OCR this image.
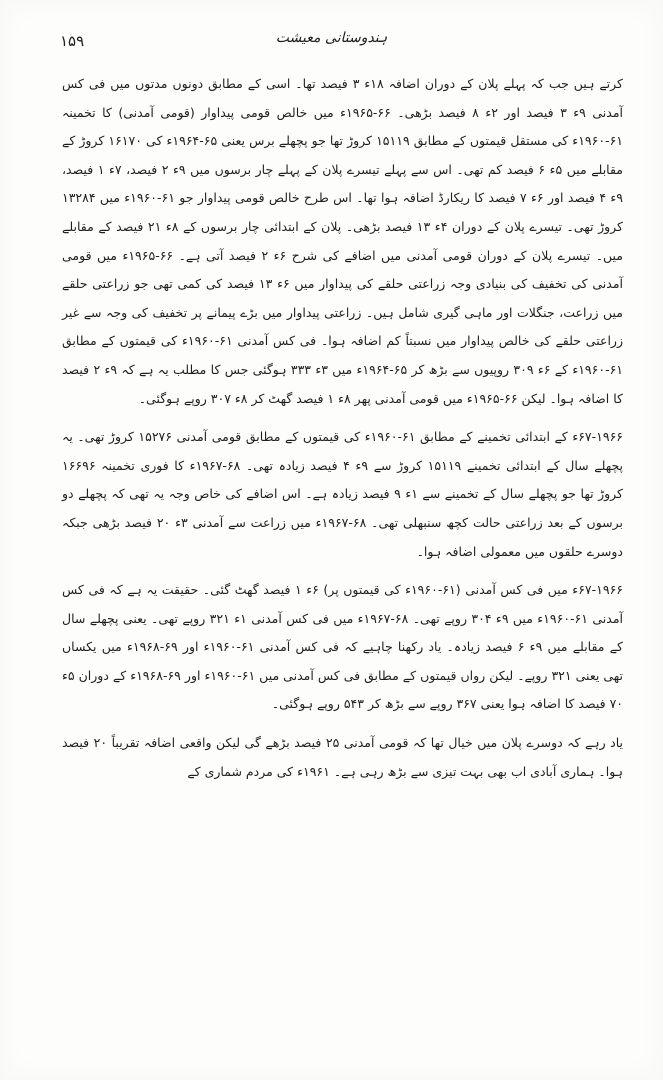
۱۵۹	ہندوستانی معیشت

کرتے ہیں جب کہ پہلے پلان کے دوران اضافہ ۱۸ء ۳ فیصد تھا۔ اسی کے مطابق دونوں مدتوں میں فی کس آمدنی ۹ء ۳ فیصد اور ۲ء ۸ فیصد بڑھی۔ ۶۶-۱۹۶۵ء میں خالص قومی پیداوار (قومی آمدنی) کا تخمینہ ۶۱-۱۹۶۰ء کی مستقل قیمتوں کے مطابق ۱۵۱۱۹ کروڑ تھا جو پچھلے برس یعنی ۶۵-۱۹۶۴ء کی ۱۶۱۷۰ کروڑ کے مقابلے میں ۵ء ۶ فیصد کم تھی۔ اس سے پہلے تیسرے پلان کے پہلے چار برسوں میں ۹ء ۲ فیصد، ۷ء ۱ فیصد، ۹ء ۴ فیصد اور ۶ء ۷ فیصد کا ریکارڈ اضافہ ہوا تھا۔ اس طرح خالص قومی پیداوار جو ۶۱-۱۹۶۰ء میں ۱۳۲۸۴ کروڑ تھی۔ تیسرے پلان کے دوران ۴ء ۱۳ فیصد بڑھی۔ پلان کے ابتدائی چار برسوں کے ۸ء ۲۱ فیصد کے مقابلے میں۔ تیسرے پلان کے دوران قومی آمدنی میں اضافے کی شرح ۶ء ۲ فیصد آتی ہے۔ ۶۶-۱۹۶۵ء میں قومی آمدنی کی تخفیف کی بنیادی وجہ زراعتی حلقے کی پیداوار میں ۶ء ۱۳ فیصد کی کمی تھی جو زراعتی حلقے میں زراعت، جنگلات اور ماہی گیری شامل ہیں۔ زراعتی پیداوار میں بڑے پیمانے پر تخفیف کی وجہ سے غیر زراعتی حلقے کی خالص پیداوار میں نسبتاً کم اضافہ ہوا۔ فی کس آمدنی ۶۱-۱۹۶۰ء کی قیمتوں کے مطابق ۶۱-۱۹۶۰ء کے ۶ء ۳۰۹ روپیوں سے بڑھ کر ۶۵-۱۹۶۴ء میں ۳ء ۳۳۳ ہوگئی جس کا مطلب یہ ہے کہ ۹ء ۲ فیصد کا اضافہ ہوا۔ لیکن ۶۶-۱۹۶۵ء میں قومی آمدنی پھر ۸ء ۱ فیصد گھٹ کر ۸ء ۳۰۷ روپے ہوگئی۔

۶۷-۱۹۶۶ء کے ابتدائی تخمینے کے مطابق ۶۱-۱۹۶۰ء کی قیمتوں کے مطابق قومی آمدنی ۱۵۲۷۶ کروڑ تھی۔ یہ پچھلے سال کے ابتدائی تخمینے ۱۵۱۱۹ کروڑ سے ۹ء ۴ فیصد زیادہ تھی۔ ۶۸-۱۹۶۷ء کا فوری تخمینہ ۱۶۶۹۶ کروڑ تھا جو پچھلے سال کے تخمینے سے ۱ء ۹ فیصد زیادہ ہے۔ اس اضافے کی خاص وجہ یہ تھی کہ پچھلے دو برسوں کے بعد زراعتی حالت کچھ سنبھلی تھی۔ ۶۸-۱۹۶۷ء میں زراعت سے آمدنی ۳ء ۲۰ فیصد بڑھی جبکہ دوسرے حلقوں میں معمولی اضافہ ہوا۔

۶۷-۱۹۶۶ء میں فی کس آمدنی (۶۱-۱۹۶۰ء کی قیمتوں پر) ۶ء ۱ فیصد گھٹ گئی۔ حقیقت یہ ہے کہ فی کس آمدنی ۶۱-۱۹۶۰ء میں ۹ء ۳۰۴ روپے تھی۔ ۶۸-۱۹۶۷ء میں فی کس آمدنی ۱ء ۳۲۱ روپے تھی۔ یعنی پچھلے سال کے مقابلے میں ۹ء ۶ فیصد زیادہ۔ یاد رکھنا چاہیے کہ فی کس آمدنی ۶۱-۱۹۶۰ء اور ۶۹-۱۹۶۸ء میں یکساں تھی یعنی ۳۲۱ روپے۔ لیکن رواں قیمتوں کے مطابق فی کس آمدنی میں ۶۱-۱۹۶۰ء اور ۶۹-۱۹۶۸ء کے دوران ۵ء ۷۰ فیصد کا اضافہ ہوا یعنی ۳۶۷ روپے سے بڑھ کر ۵۴۳ روپے ہوگئی۔

یاد رہے کہ دوسرے پلان میں خیال تھا کہ قومی آمدنی ۲۵ فیصد بڑھے گی لیکن واقعی اضافہ تقریباً ۲۰ فیصد ہوا۔ ہماری آبادی اب بھی بہت تیزی سے بڑھ رہی ہے۔ ۱۹۶۱ء کی مردم شماری کے
